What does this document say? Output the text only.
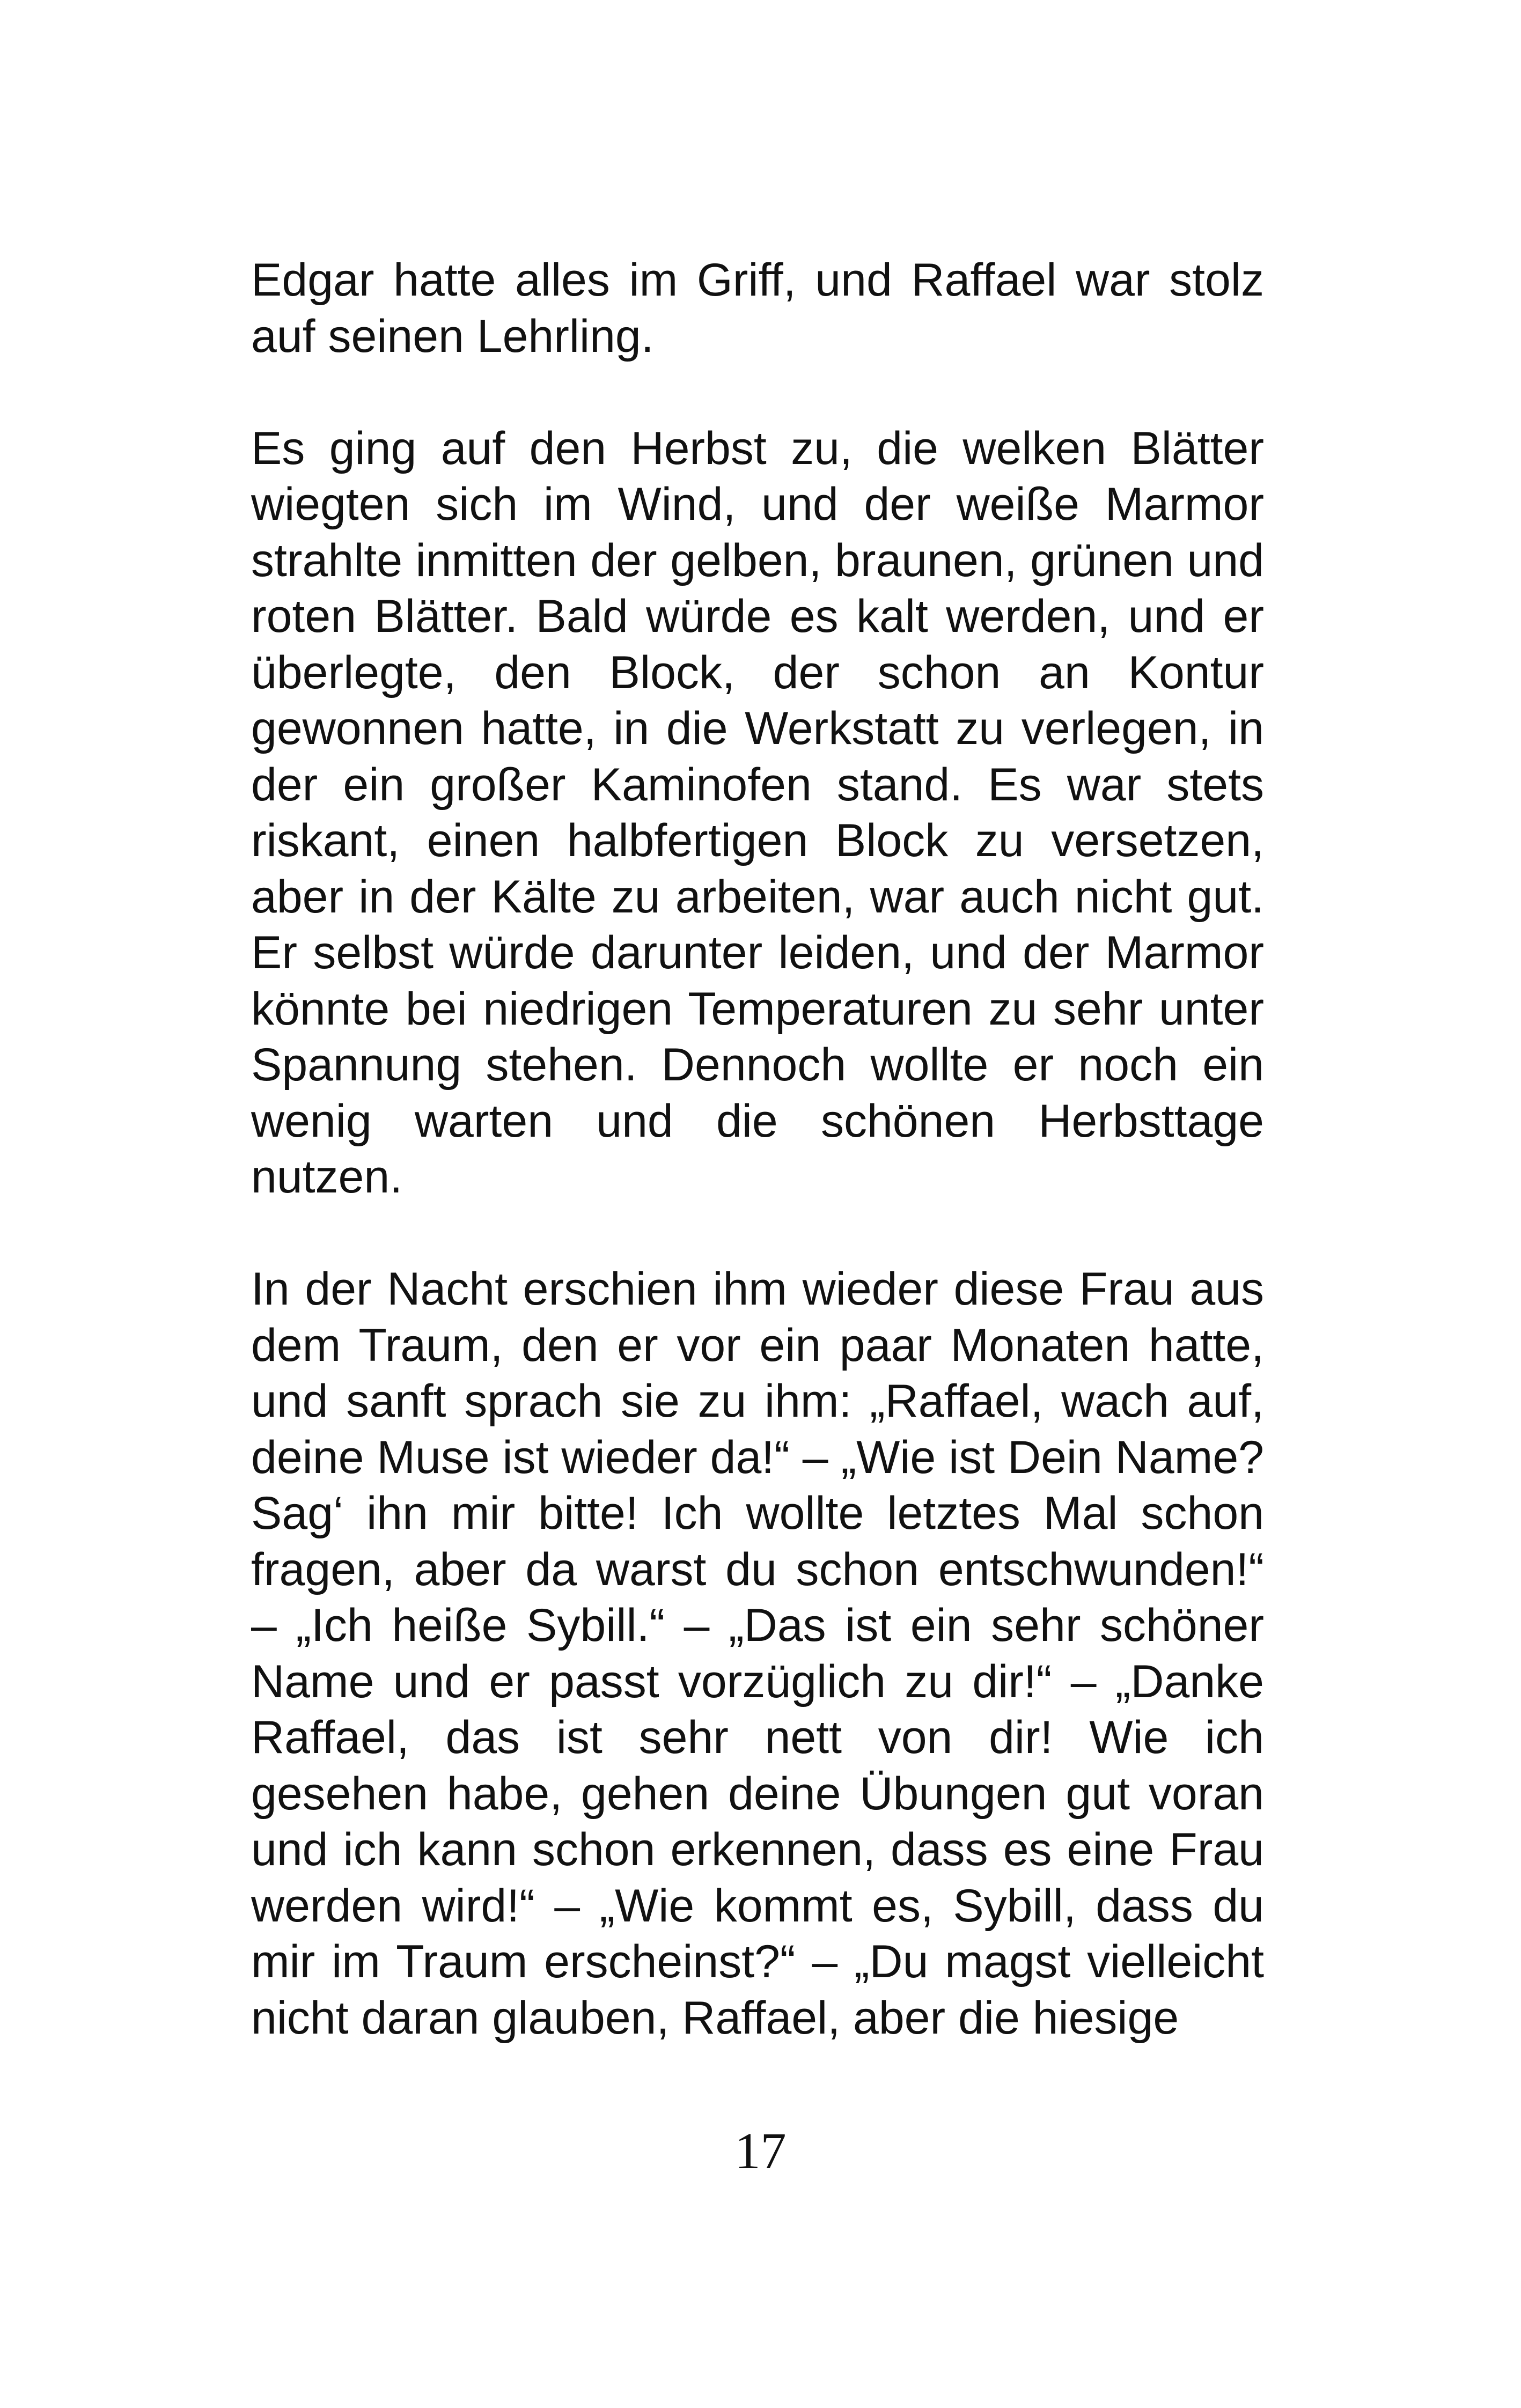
Edgar hatte alles im Griff, und Raffael war stolz auf seinen Lehrling.

Es ging auf den Herbst zu, die welken Blätter wiegten sich im Wind, und der weiße Marmor strahlte inmitten der gelben, braunen, grünen und roten Blätter. Bald würde es kalt werden, und er überlegte, den Block, der schon an Kontur gewonnen hatte, in die Werkstatt zu verlegen, in der ein großer Kaminofen stand. Es war stets riskant, einen halbfertigen Block zu versetzen, aber in der Kälte zu arbeiten, war auch nicht gut. Er selbst würde darunter leiden, und der Marmor könnte bei niedrigen Temperaturen zu sehr unter Spannung stehen. Dennoch wollte er noch ein wenig warten und die schönen Herbsttage nutzen.

In der Nacht erschien ihm wieder diese Frau aus dem Traum, den er vor ein paar Monaten hatte, und sanft sprach sie zu ihm: „Raffael, wach auf, deine Muse ist wieder da!“ – „Wie ist Dein Name? Sag‘ ihn mir bitte! Ich wollte letztes Mal schon fragen, aber da warst du schon entschwunden!“ – „Ich heiße Sybill.“ – „Das ist ein sehr schöner Name und er passt vorzüglich zu dir!“ – „Danke Raffael, das ist sehr nett von dir! Wie ich gesehen habe, gehen deine Übungen gut voran und ich kann schon erkennen, dass es eine Frau werden wird!“ – „Wie kommt es, Sybill, dass du mir im Traum erscheinst?“ – „Du magst vielleicht nicht daran glauben, Raffael, aber die hiesige

17
